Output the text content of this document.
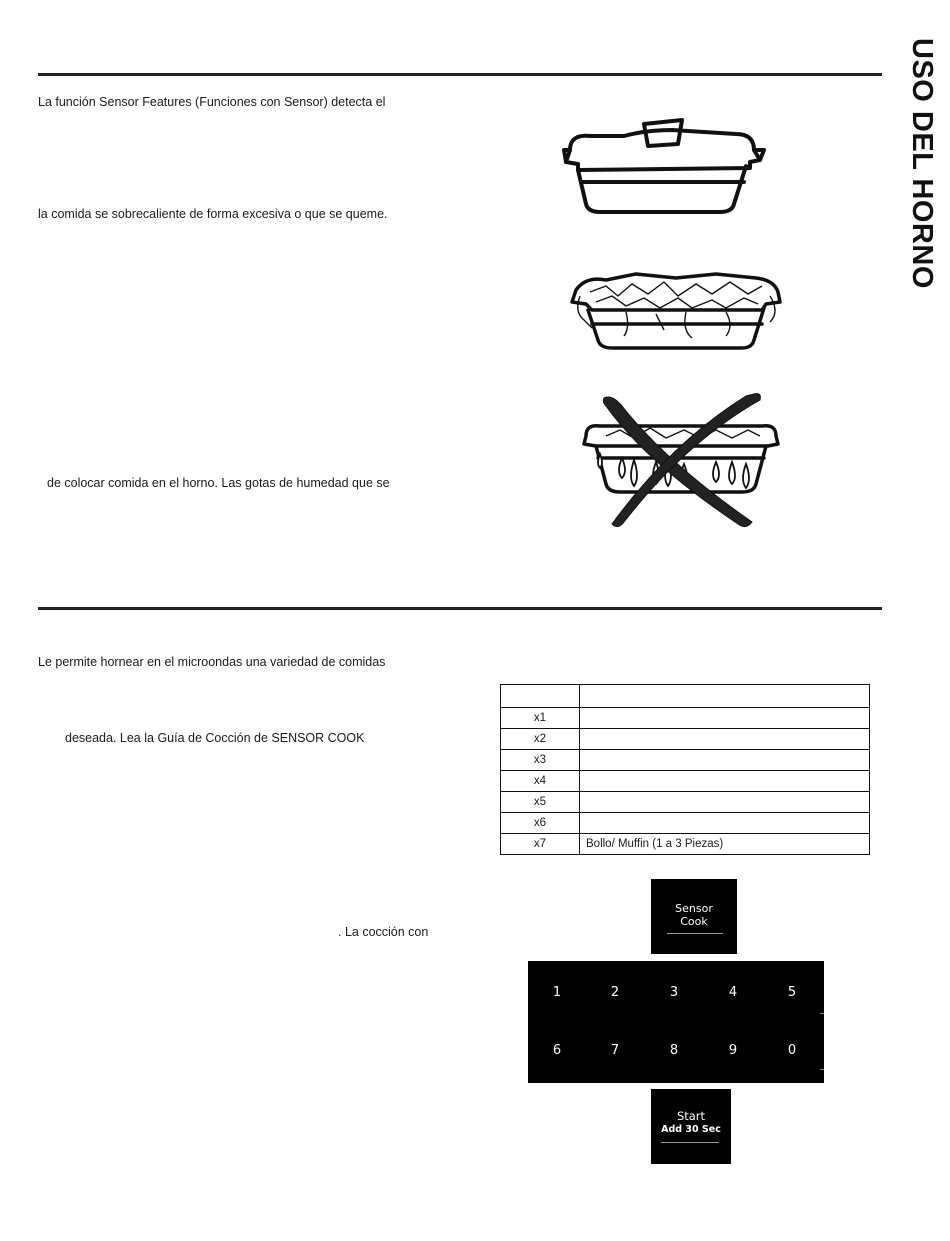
USO DEL HORNO
La función Sensor Features (Funciones con Sensor) detecta el
la comida se sobrecaliente de forma excesiva o que se queme.
de colocar comida en el horno. Las gotas de humedad que se
Le permite hornear en el microondas una variedad de comidas
deseada. Lea la Guía de Cocción de SENSOR COOK
. La cocción con

x1	
x2	
x3	
x4	
x5	
x6	
x7	Bollo/ Muffin (1 a 3 Piezas)
Sensor
Cook
1	2	3	4	5
6	7	8	9	0
Start
Add 30 Sec
